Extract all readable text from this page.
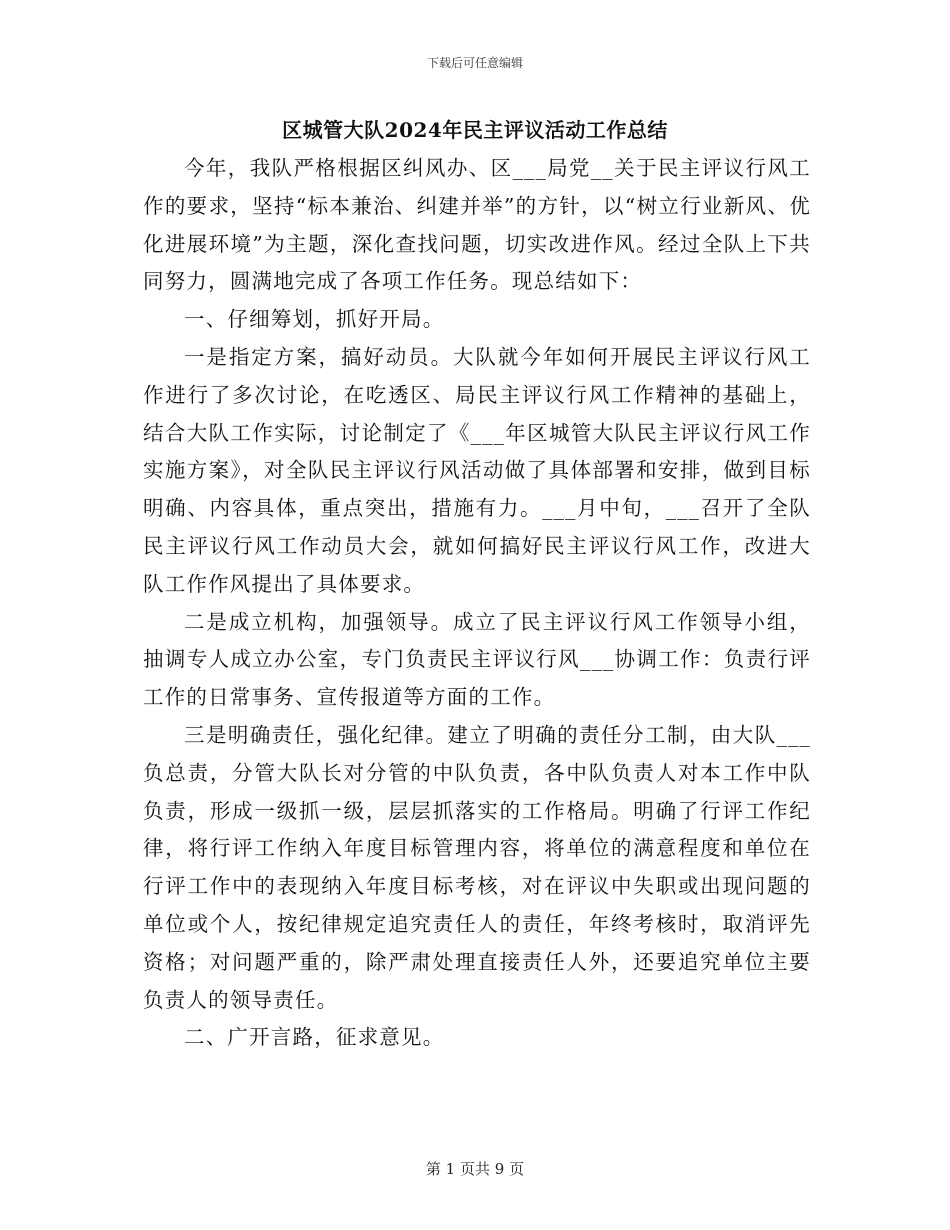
下载后可任意编辑
区城管大队2024年民主评议活动工作总结

今年，我队严格根据区纠风办、区___局党__关于民主评议行风工作的要求，坚持“标本兼治、纠建并举”的方针，以“树立行业新风、优化进展环境”为主题，深化查找问题，切实改进作风。经过全队上下共同努力，圆满地完成了各项工作任务。现总结如下：

一、仔细筹划，抓好开局。

一是指定方案，搞好动员。大队就今年如何开展民主评议行风工作进行了多次讨论，在吃透区、局民主评议行风工作精神的基础上，结合大队工作实际，讨论制定了《___年区城管大队民主评议行风工作实施方案》，对全队民主评议行风活动做了具体部署和安排，做到目标明确、内容具体，重点突出，措施有力。___月中旬，___召开了全队民主评议行风工作动员大会，就如何搞好民主评议行风工作，改进大队工作作风提出了具体要求。

二是成立机构，加强领导。成立了民主评议行风工作领导小组，抽调专人成立办公室，专门负责民主评议行风___协调工作：负责行评工作的日常事务、宣传报道等方面的工作。

三是明确责任，强化纪律。建立了明确的责任分工制，由大队___负总责，分管大队长对分管的中队负责，各中队负责人对本工作中队负责，形成一级抓一级，层层抓落实的工作格局。明确了行评工作纪律，将行评工作纳入年度目标管理内容，将单位的满意程度和单位在行评工作中的表现纳入年度目标考核，对在评议中失职或出现问题的单位或个人，按纪律规定追究责任人的责任，年终考核时，取消评先资格；对问题严重的，除严肃处理直接责任人外，还要追究单位主要负责人的领导责任。

二、广开言路，征求意见。

第 1 页共 9 页
